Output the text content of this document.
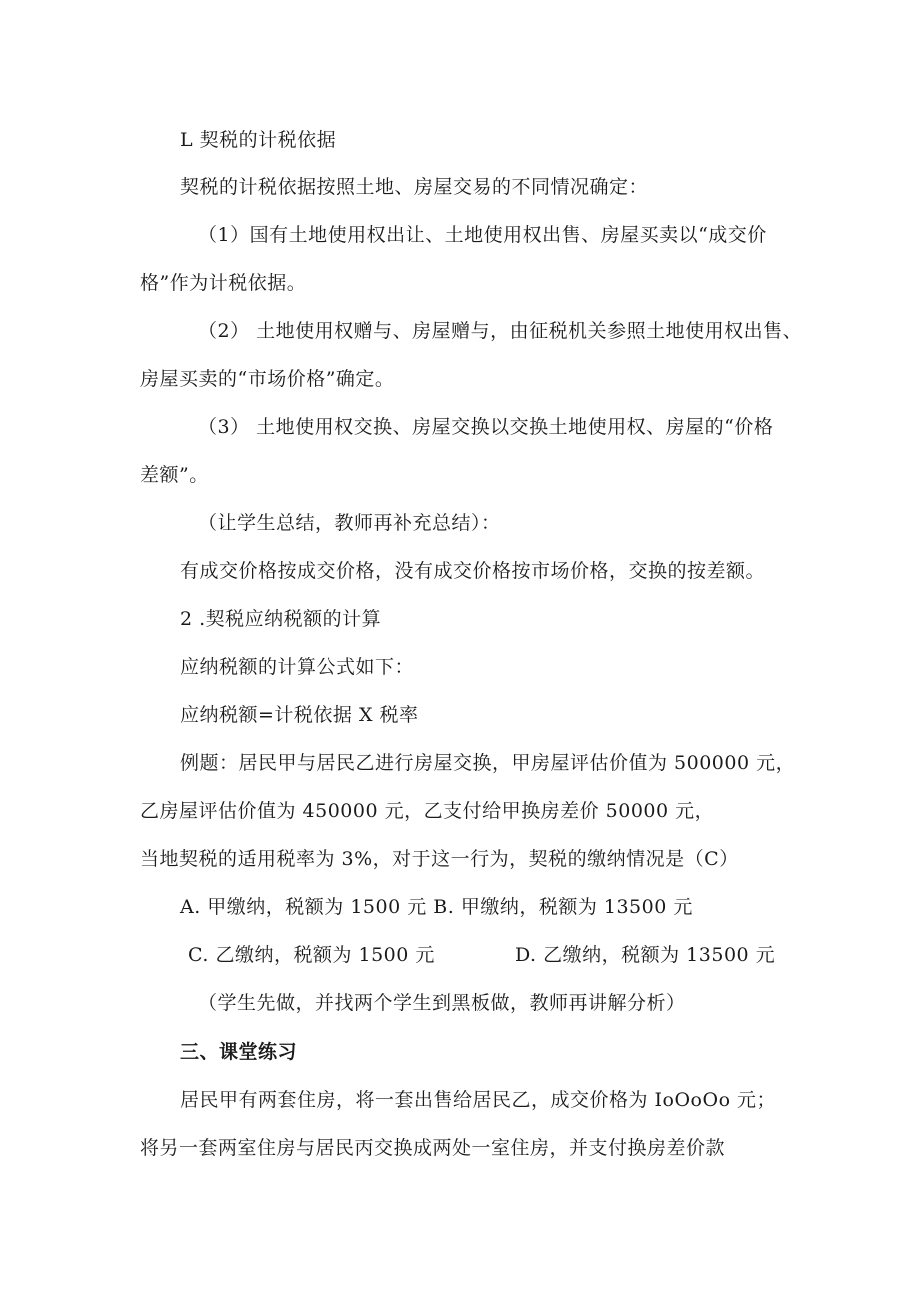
L 契税的计税依据
契税的计税依据按照土地、房屋交易的不同情况确定：
（1）国有土地使用权出让、土地使用权出售、房屋买卖以“成交价
格”作为计税依据。
（2） 土地使用权赠与、房屋赠与，由征税机关参照土地使用权出售、
房屋买卖的“市场价格”确定。
（3） 土地使用权交换、房屋交换以交换土地使用权、房屋的“价格
差额”。
（让学生总结，教师再补充总结）：
有成交价格按成交价格，没有成交价格按市场价格，交换的按差额。
2 .契税应纳税额的计算
应纳税额的计算公式如下：
应纳税额=计税依据 X 税率
例题：居民甲与居民乙进行房屋交换，甲房屋评估价值为 500000 元，
乙房屋评估价值为 450000 元，乙支付给甲换房差价 50000 元，
当地契税的适用税率为 3%，对于这一行为，契税的缴纳情况是（C）
A. 甲缴纳，税额为 1500 元 B. 甲缴纳，税额为 13500 元
C. 乙缴纳，税额为 1500 元	D. 乙缴纳，税额为 13500 元
（学生先做，并找两个学生到黑板做，教师再讲解分析）
三、课堂练习
居民甲有两套住房，将一套出售给居民乙，成交价格为 IoOoOo 元；
将另一套两室住房与居民丙交换成两处一室住房，并支付换房差价款
